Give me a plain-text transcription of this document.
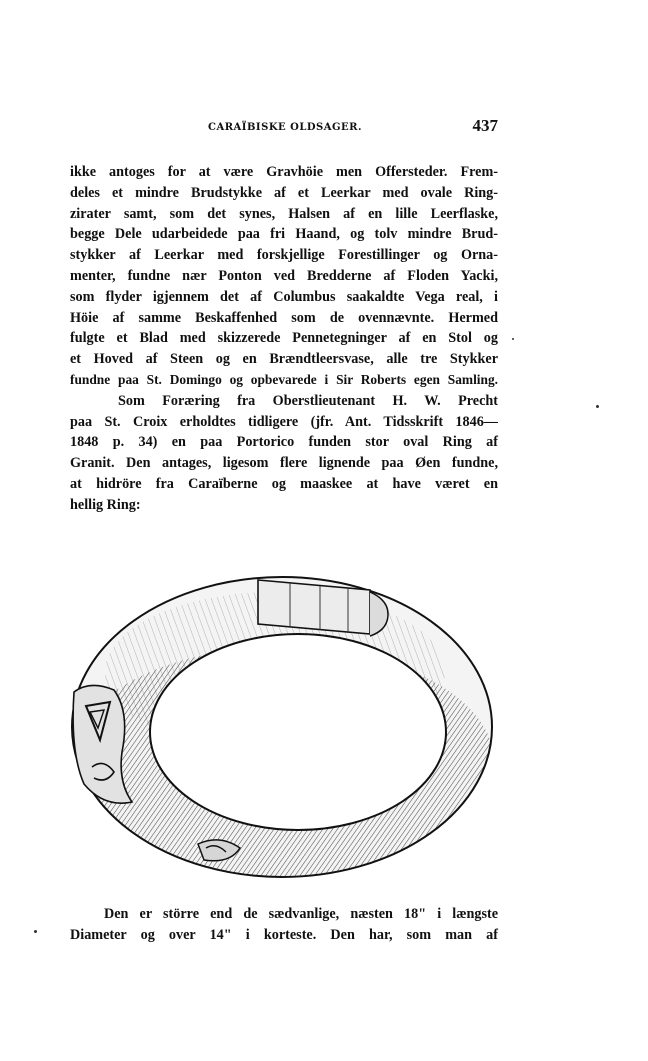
CARAÏBISKE OLDSAGER.	437
ikke antoges for at være Gravhöie men Offersteder. Frem-
deles et mindre Brudstykke af et Leerkar med ovale Ring-
zirater samt, som det synes, Halsen af en lille Leerflaske,
begge Dele udarbeidede paa fri Haand, og tolv mindre Brud-
stykker af Leerkar med forskjellige Forestillinger og Orna-
menter, fundne nær Ponton ved Bredderne af Floden Yacki,
som flyder igjennem det af Columbus saakaldte Vega real, i
Höie af samme Beskaffenhed som de ovennævnte. Hermed
fulgte et Blad med skizzerede Pennetegninger af en Stol og
et Hoved af Steen og en Brændtleersvase, alle tre Stykker
fundne paa St. Domingo og opbevarede i Sir Roberts egen Samling.
Som Foræring fra Oberstlieutenant H. W. Precht
paa St. Croix erholdtes tidligere (jfr. Ant. Tidsskrift 1846—
1848 p. 34) en paa Portorico funden stor oval Ring af
Granit. Den antages, ligesom flere lignende paa Øen fundne,
at hidröre fra Caraïberne og maaskee at have været en
hellig Ring:
Den er större end de sædvanlige, næsten 18" i længste
Diameter og over 14" i korteste. Den har, som man af
